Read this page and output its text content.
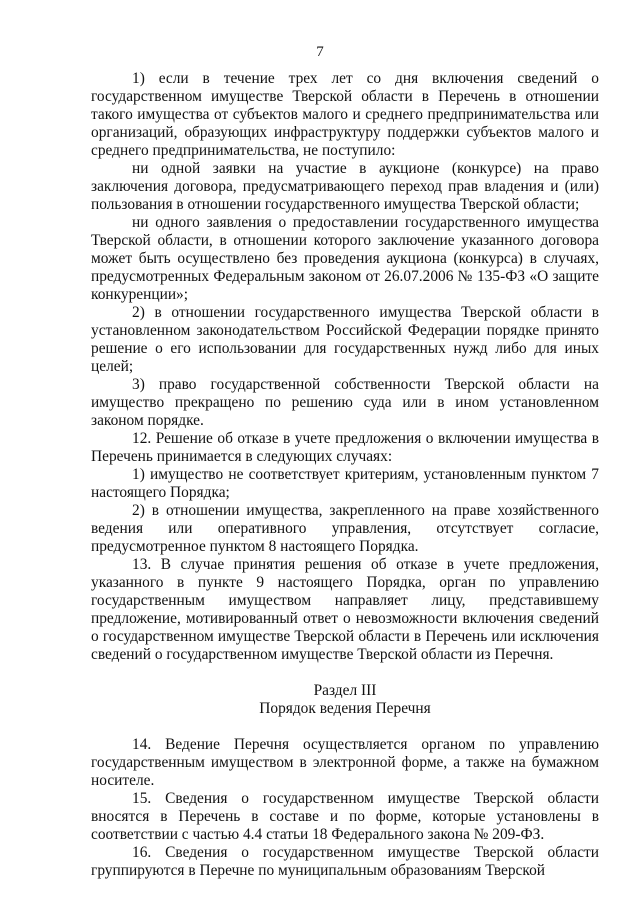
7

1) если в течение трех лет со дня включения сведений о государственном имуществе Тверской области в Перечень в отношении такого имущества от субъектов малого и среднего предпринимательства или организаций, образующих инфраструктуру поддержки субъектов малого и среднего предпринимательства, не поступило:

ни одной заявки на участие в аукционе (конкурсе) на право заключения договора, предусматривающего переход прав владения и (или) пользования в отношении государственного имущества Тверской области;

ни одного заявления о предоставлении государственного имущества Тверской области, в отношении которого заключение указанного договора может быть осуществлено без проведения аукциона (конкурса) в случаях, предусмотренных Федеральным законом от 26.07.2006 № 135-ФЗ «О защите конкуренции»;

2) в отношении государственного имущества Тверской области в установленном законодательством Российской Федерации порядке принято решение о его использовании для государственных нужд либо для иных целей;

3) право государственной собственности Тверской области на имущество прекращено по решению суда или в ином установленном законом порядке.

12. Решение об отказе в учете предложения о включении имущества в Перечень принимается в следующих случаях:

1) имущество не соответствует критериям, установленным пунктом 7 настоящего Порядка;

2) в отношении имущества, закрепленного на праве хозяйственного ведения или оперативного управления, отсутствует согласие, предусмотренное пунктом 8 настоящего Порядка.

13. В случае принятия решения об отказе в учете предложения, указанного в пункте 9 настоящего Порядка, орган по управлению государственным имуществом направляет лицу, представившему предложение, мотивированный ответ о невозможности включения сведений о государственном имуществе Тверской области в Перечень или исключения сведений о государственном имуществе Тверской области из Перечня.

Раздел III

Порядок ведения Перечня

14. Ведение Перечня осуществляется органом по управлению государственным имуществом в электронной форме, а также на бумажном носителе.

15. Сведения о государственном имуществе Тверской области вносятся в Перечень в составе и по форме, которые установлены в соответствии с частью 4.4 статьи 18 Федерального закона № 209-ФЗ.

16. Сведения о государственном имуществе Тверской области группируются в Перечне по муниципальным образованиям Тверской
